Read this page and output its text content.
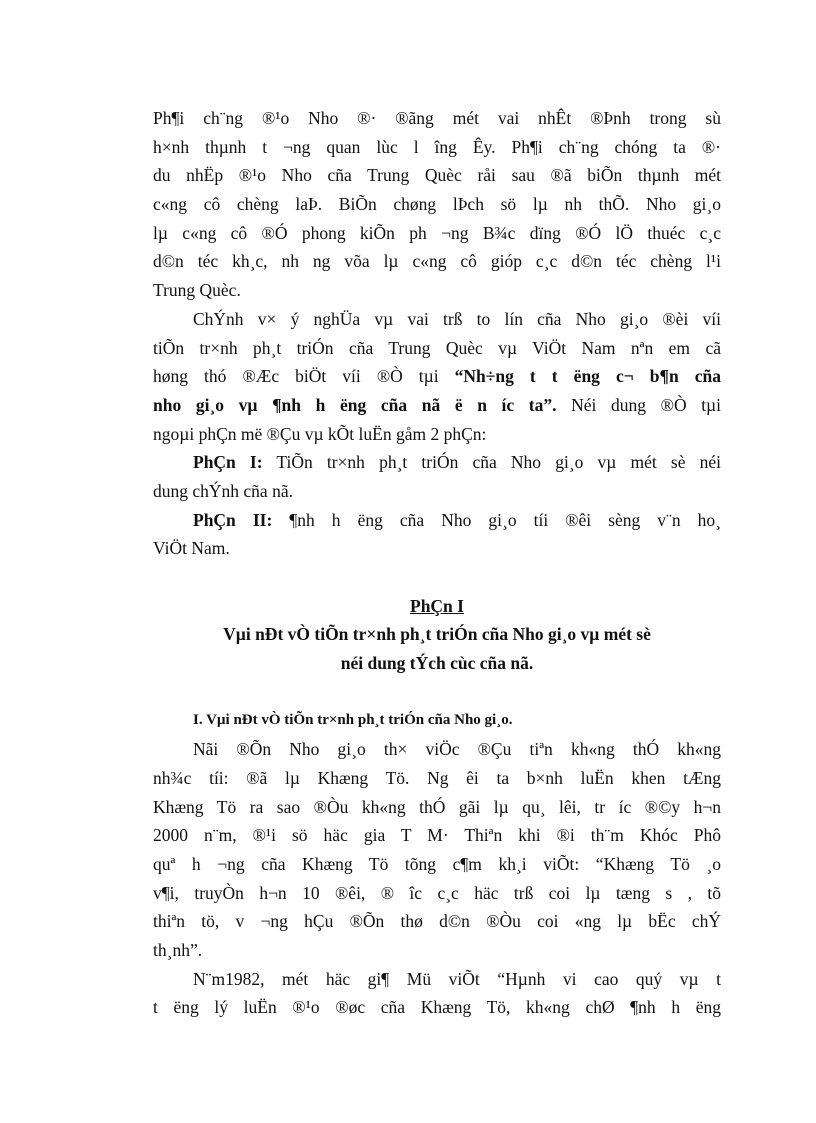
Ph¶i ch¨ng ®¹o Nho ®· ®ãng mét vai nhÊt ®Þnh trong sù
h×nh thµnh t ¬ng quan lùc l îng Êy. Ph¶i ch¨ng chóng ta ®·
du nhËp ®¹o Nho cña Trung Quèc råi sau ®ã biÕn thµnh mét
c«ng cô chèng laÞ. BiÕn chøng lÞch sö lµ nh thÕ. Nho gi¸o
lµ c«ng cô ®Ó phong kiÕn ph ¬ng B¾c dïng ®Ó lÖ thuéc c¸c
d©n téc kh¸c, nh ng võa lµ c«ng cô gióp c¸c d©n téc chèng l¹i
Trung Quèc.
ChÝnh v× ý nghÜa vµ vai trß to lín cña Nho gi¸o ®èi víi
tiÕn tr×nh ph¸t triÓn cña Trung Quèc vµ ViÖt Nam nªn em cã
høng thó ®Æc biÖt víi ®Ò tµi “Nh÷ng t t ëng c¬ b¶n cña
nho gi¸o vµ ¶nh h ëng cña nã ë n íc ta”. Néi dung ®Ò tµi
ngoµi phÇn më ®Çu vµ kÕt luËn gåm 2 phÇn:
PhÇn I: TiÕn tr×nh ph¸t triÓn cña Nho gi¸o vµ mét sè néi
dung chÝnh cña nã.
PhÇn II: ¶nh h ëng cña Nho gi¸o tíi ®êi sèng v¨n ho¸
ViÖt Nam.
PhÇn I
Vµi nÐt vÒ tiÕn tr×nh ph¸t triÓn cña Nho gi¸o vµ mét sè
néi dung tÝch cùc cña nã.
I. Vµi nÐt vÒ tiÕn tr×nh ph¸t triÓn cña Nho gi¸o.
Nãi ®Õn Nho gi¸o th× viÖc ®Çu tiªn kh«ng thÓ kh«ng
nh¾c tíi: ®ã lµ Khæng Tö. Ng êi ta b×nh luËn khen tÆng
Khæng Tö ra sao ®Òu kh«ng thÓ gãi lµ qu¸ lêi, tr íc ®©y h¬n
2000 n¨m, ®¹i sö häc gia T M· Thiªn khi ®i th¨m Khóc Phô
quª h ¬ng cña Khæng Tö tõng c¶m kh¸i viÕt: “Khæng Tö ¸o
v¶i, truyÒn h¬n 10 ®êi, ® îc c¸c häc trß coi lµ tæng s , tõ
thiªn tö, v ¬ng hÇu ®Õn thø d©n ®Òu coi «ng lµ bËc chÝ
th¸nh”.
N¨m1982, mét häc gi¶ Mü viÕt “Hµnh vi cao quý vµ t
t ëng lý luËn ®¹o ®øc cña Khæng Tö, kh«ng chØ ¶nh h ëng
